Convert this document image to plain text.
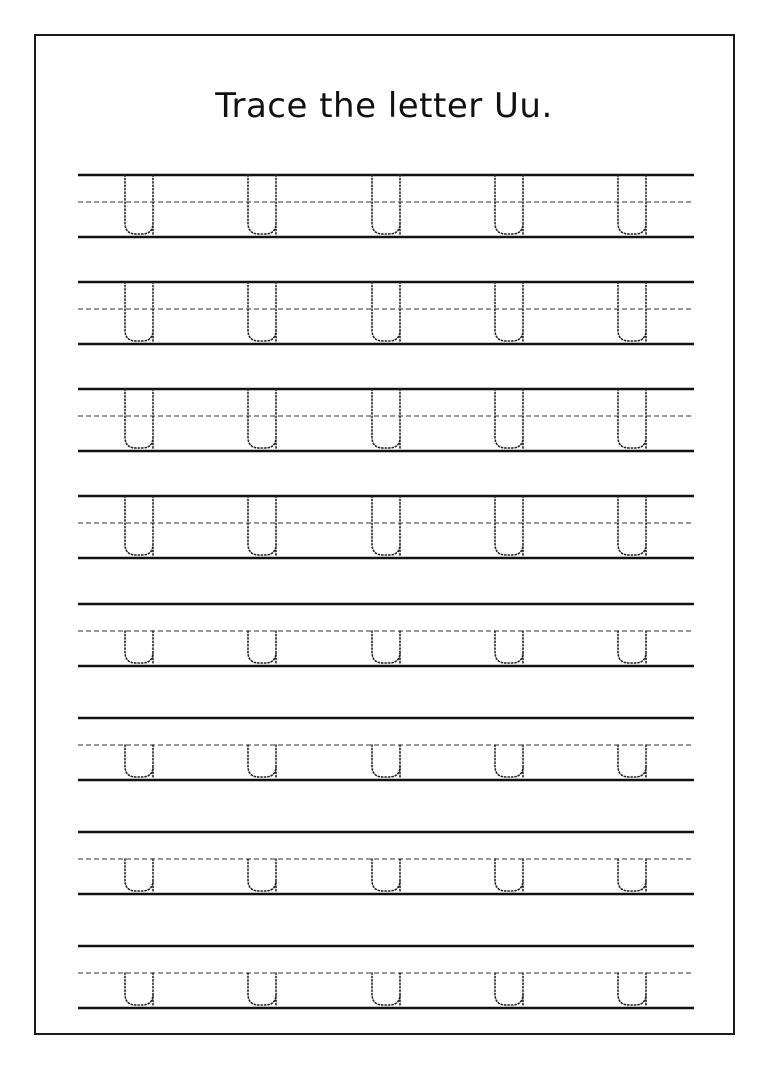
Trace the letter Uu.
